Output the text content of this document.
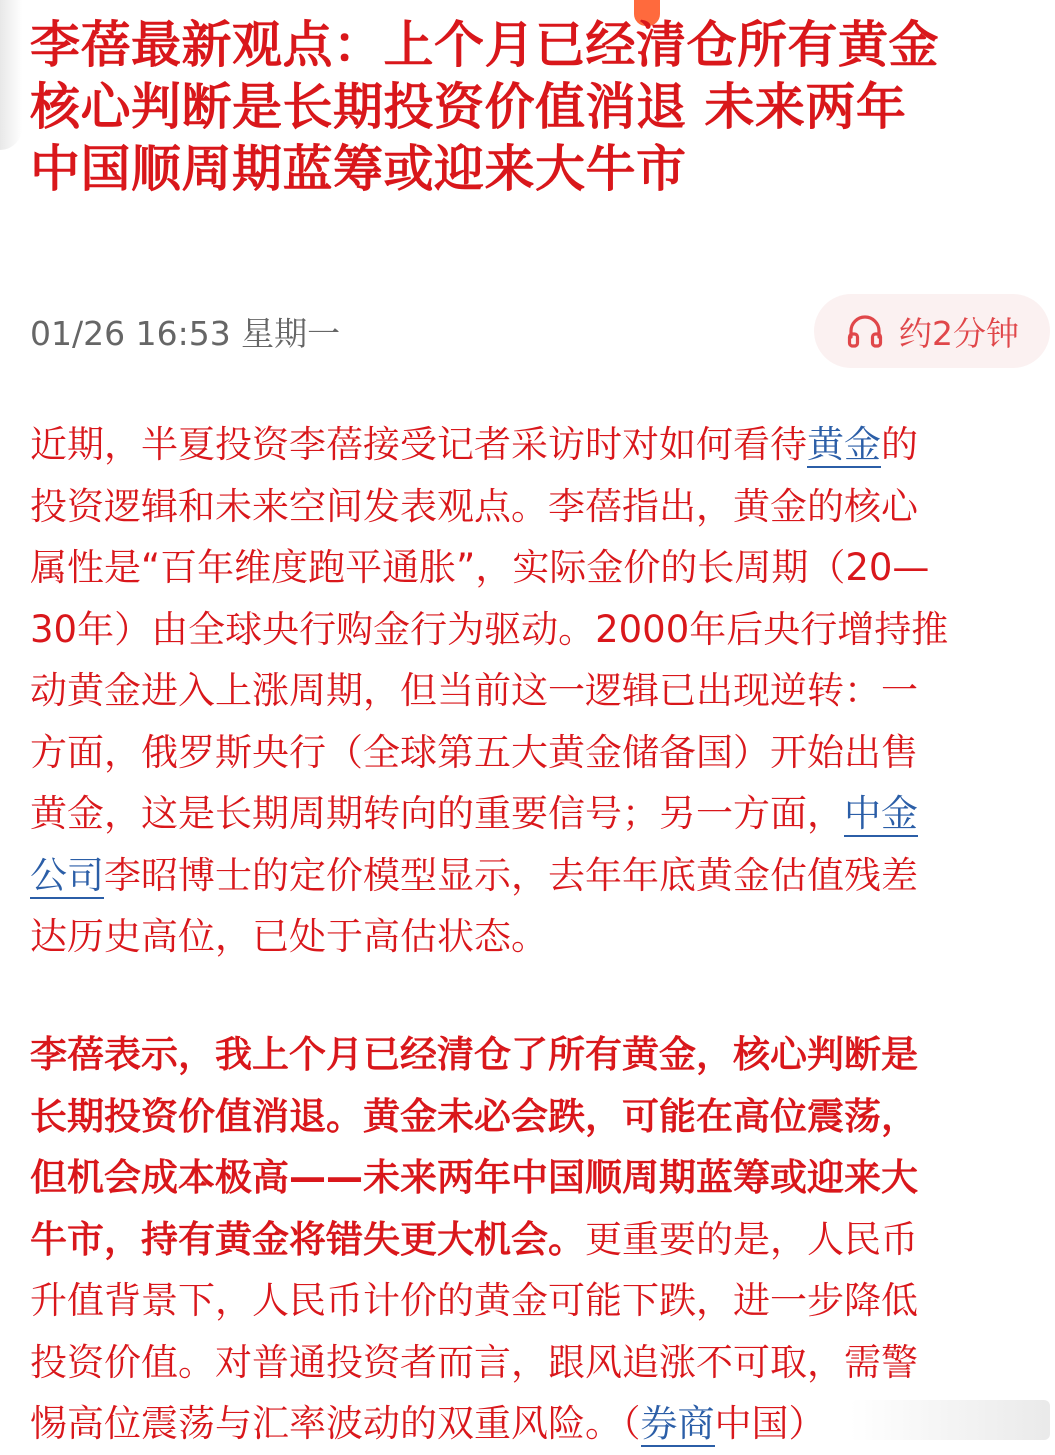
李蓓最新观点：上个月已经清仓所有黄金
核心判断是长期投资价值消退 未来两年
中国顺周期蓝筹或迎来大牛市
01/26 16:53 星期一	约2分钟

近期，半夏投资李蓓接受记者采访时对如何看待黄金的
投资逻辑和未来空间发表观点。李蓓指出，黄金的核心
属性是“百年维度跑平通胀”，实际金价的长周期（20—
30年）由全球央行购金行为驱动。2000年后央行增持推
动黄金进入上涨周期，但当前这一逻辑已出现逆转：一
方面，俄罗斯央行（全球第五大黄金储备国）开始出售
黄金，这是长期周期转向的重要信号；另一方面，中金
公司李昭博士的定价模型显示，去年年底黄金估值残差
达历史高位，已处于高估状态。

李蓓表示，我上个月已经清仓了所有黄金，核心判断是
长期投资价值消退。黄金未必会跌，可能在高位震荡，
但机会成本极高——未来两年中国顺周期蓝筹或迎来大
牛市，持有黄金将错失更大机会。更重要的是，人民币
升值背景下，人民币计价的黄金可能下跌，进一步降低
投资价值。对普通投资者而言，跟风追涨不可取，需警
惕高位震荡与汇率波动的双重风险。（券商中国）
